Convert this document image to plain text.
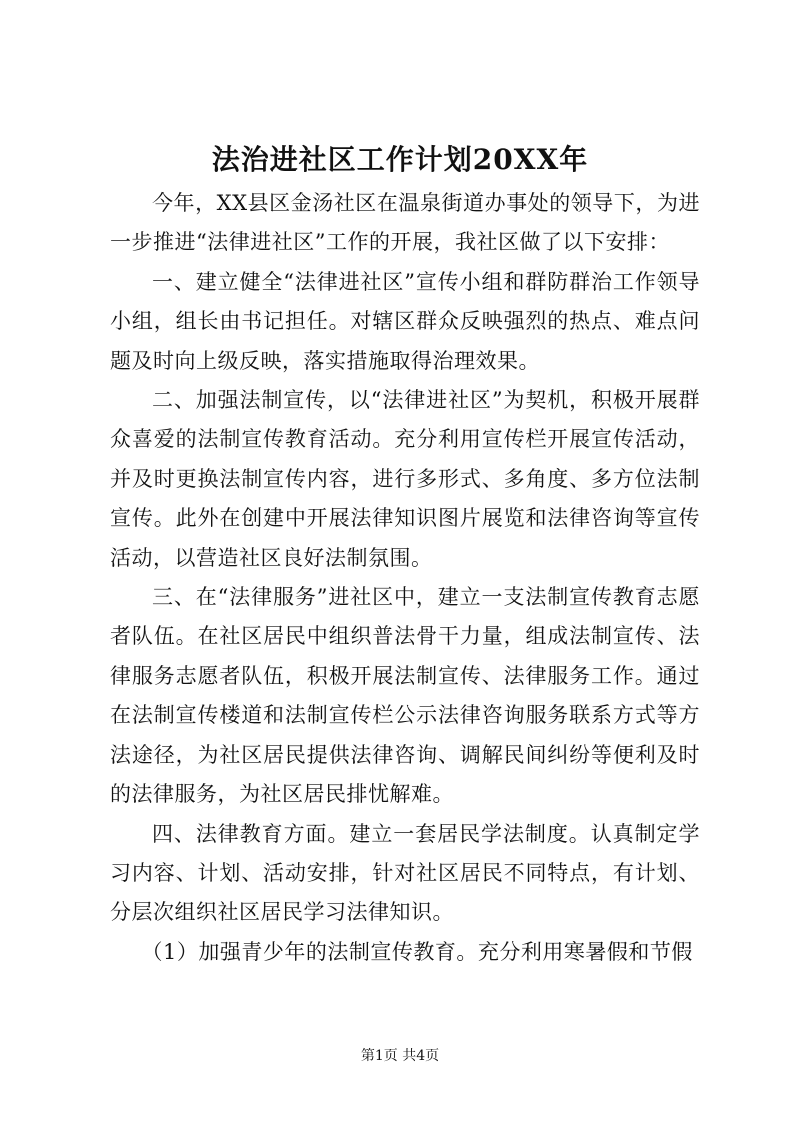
法治进社区工作计划20XX年

今年，XX县区金汤社区在温泉街道办事处的领导下，为进一步推进“法律进社区”工作的开展，我社区做了以下安排：

一、建立健全“法律进社区”宣传小组和群防群治工作领导小组，组长由书记担任。对辖区群众反映强烈的热点、难点问题及时向上级反映，落实措施取得治理效果。

二、加强法制宣传，以“法律进社区”为契机，积极开展群众喜爱的法制宣传教育活动。充分利用宣传栏开展宣传活动，并及时更换法制宣传内容，进行多形式、多角度、多方位法制宣传。此外在创建中开展法律知识图片展览和法律咨询等宣传活动，以营造社区良好法制氛围。

三、在“法律服务”进社区中，建立一支法制宣传教育志愿者队伍。在社区居民中组织普法骨干力量，组成法制宣传、法律服务志愿者队伍，积极开展法制宣传、法律服务工作。通过在法制宣传楼道和法制宣传栏公示法律咨询服务联系方式等方法途径，为社区居民提供法律咨询、调解民间纠纷等便利及时的法律服务，为社区居民排忧解难。

四、法律教育方面。建立一套居民学法制度。认真制定学习内容、计划、活动安排，针对社区居民不同特点，有计划、分层次组织社区居民学习法律知识。

（1）加强青少年的法制宣传教育。充分利用寒暑假和节假

第1页 共4页
